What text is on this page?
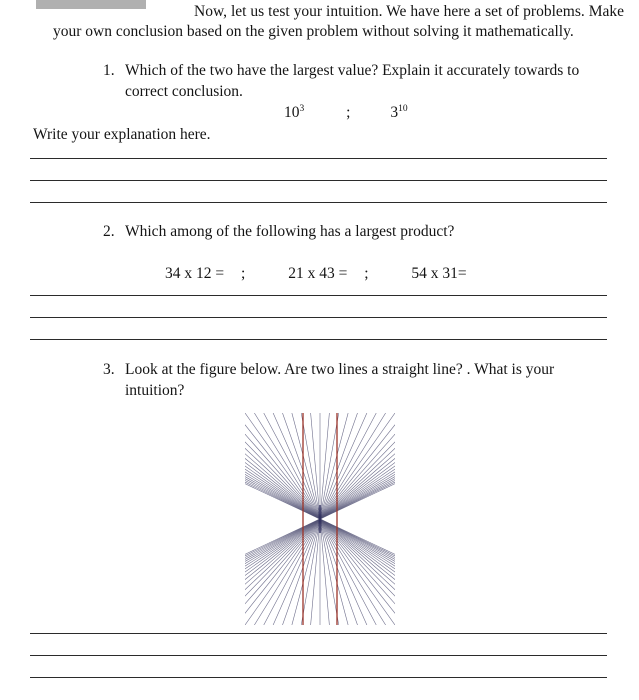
Now, let us test your intuition. We have here a set of problems. Make your own conclusion based on the given problem without solving it mathematically.

1. Which of the two have the largest value? Explain it accurately towards to correct conclusion.
$10^3$	;	$3^{10}$

Write your explanation here.

2. Which among of the following has a largest product?
34 x 12 = ;	21 x 43 = ;	54 x 31=
3. Look at the figure below. Are two lines a straight line? . What is your intuition?
